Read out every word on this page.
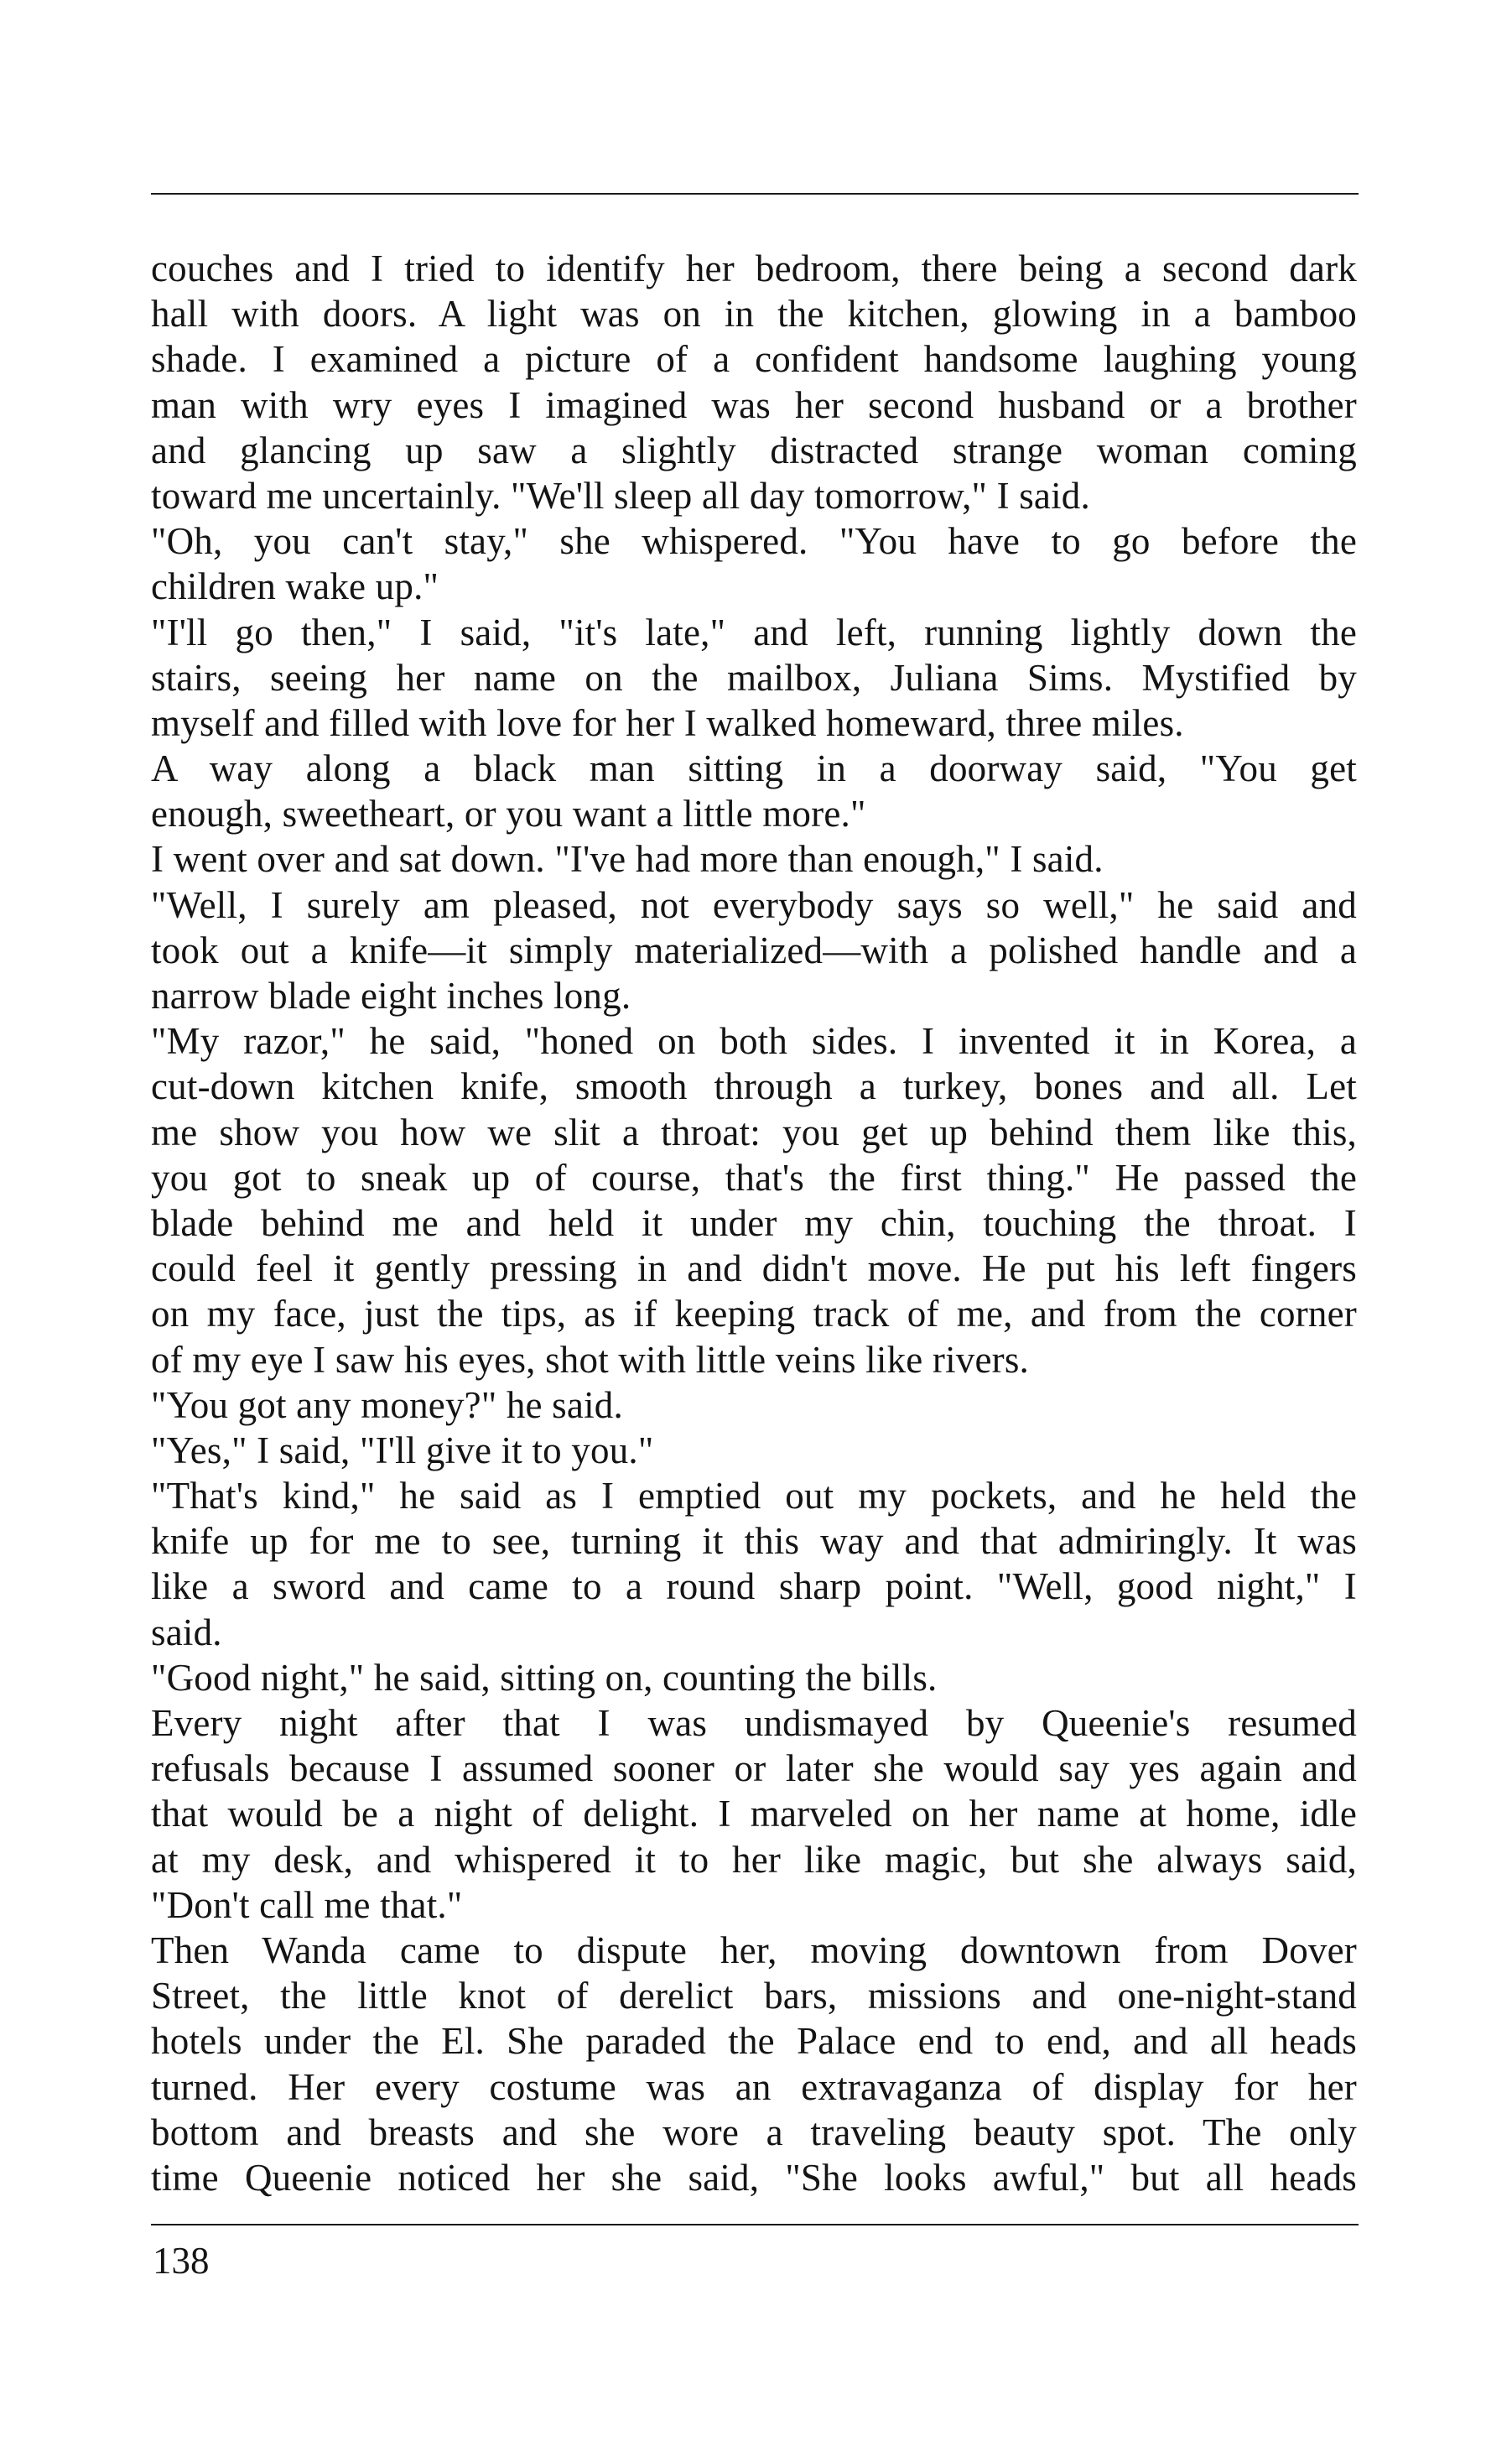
couches and I tried to identify her bedroom, there being a second dark
hall with doors. A light was on in the kitchen, glowing in a bamboo
shade. I examined a picture of a confident handsome laughing young
man with wry eyes I imagined was her second husband or a brother
and glancing up saw a slightly distracted strange woman coming
toward me uncertainly. "We'll sleep all day tomorrow," I said.
"Oh, you can't stay," she whispered. "You have to go before the
children wake up."
"I'll go then," I said, "it's late," and left, running lightly down the
stairs, seeing her name on the mailbox, Juliana Sims. Mystified by
myself and filled with love for her I walked homeward, three miles.
A way along a black man sitting in a doorway said, "You get
enough, sweetheart, or you want a little more."
I went over and sat down. "I've had more than enough," I said.
"Well, I surely am pleased, not everybody says so well," he said and
took out a knife—it simply materialized—with a polished handle and a
narrow blade eight inches long.
"My razor," he said, "honed on both sides. I invented it in Korea, a
cut-down kitchen knife, smooth through a turkey, bones and all. Let
me show you how we slit a throat: you get up behind them like this,
you got to sneak up of course, that's the first thing." He passed the
blade behind me and held it under my chin, touching the throat. I
could feel it gently pressing in and didn't move. He put his left fingers
on my face, just the tips, as if keeping track of me, and from the corner
of my eye I saw his eyes, shot with little veins like rivers.
"You got any money?" he said.
"Yes," I said, "I'll give it to you."
"That's kind," he said as I emptied out my pockets, and he held the
knife up for me to see, turning it this way and that admiringly. It was
like a sword and came to a round sharp point. "Well, good night," I
said.
"Good night," he said, sitting on, counting the bills.
Every night after that I was undismayed by Queenie's resumed
refusals because I assumed sooner or later she would say yes again and
that would be a night of delight. I marveled on her name at home, idle
at my desk, and whispered it to her like magic, but she always said,
"Don't call me that."
Then Wanda came to dispute her, moving downtown from Dover
Street, the little knot of derelict bars, missions and one-night-stand
hotels under the El. She paraded the Palace end to end, and all heads
turned. Her every costume was an extravaganza of display for her
bottom and breasts and she wore a traveling beauty spot. The only
time Queenie noticed her she said, "She looks awful," but all heads
138
